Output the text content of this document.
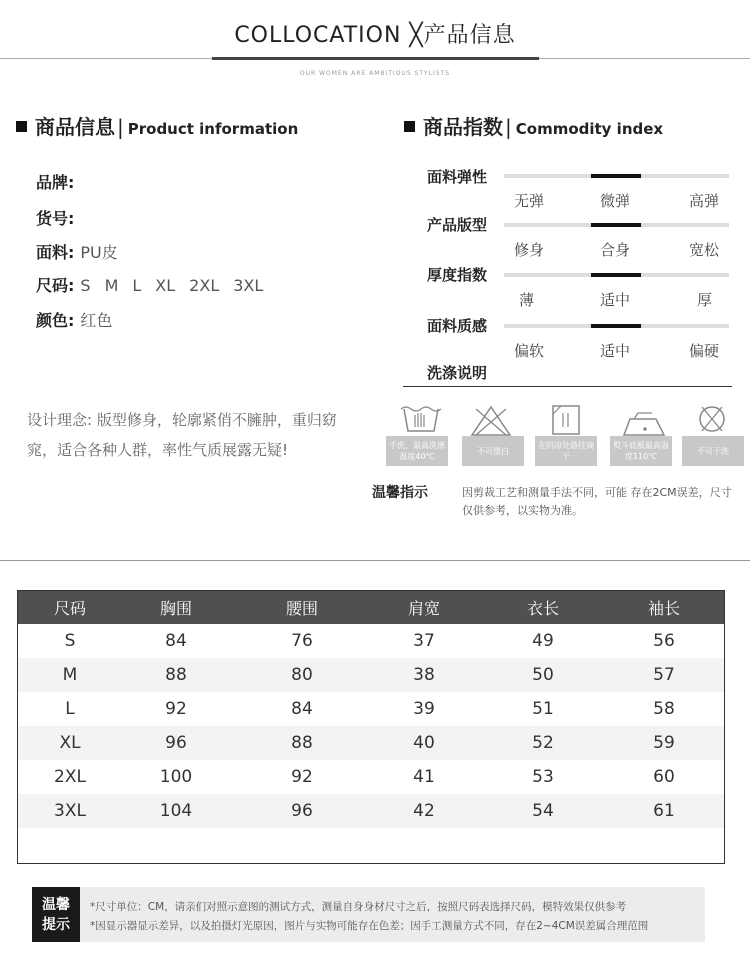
COLLOCATION ╳产品信息
OUR WOMEN ARE AMBITIOUS STYLISTS
商品信息 | Product information
品牌:
货号:
面料: PU皮
尺码: S M L XL 2XL 3XL
颜色: 红色
设计理念: 版型修身，轮廓紧俏不臃肿，重归窈窕，适合各种人群，率性气质展露无疑!
商品指数 | Commodity index
面料弹性
无弹	微弹	高弹
产品版型
修身	合身	宽松
厚度指数
薄	适中	厚
面料质感
偏软	适中	偏硬
洗涤说明
手洗，最高洗涤温度40℃
不可漂白
在阴凉处悬挂滴干
熨斗底板最高温度110℃
不可干洗
温馨指示	因剪裁工艺和测量手法不同，可能 存在2CM误差，尺寸仅供参考，以实物为准。
尺码	胸围	腰围	肩宽	衣长	袖长
S	84	76	37	49	56
M	88	80	38	50	57
L	92	84	39	51	58
XL	96	88	40	52	59
2XL	100	92	41	53	60
3XL	104	96	42	54	61
温馨
提示
*尺寸单位：CM，请亲们对照示意图的测试方式，测量自身身材尺寸之后，按照尺码表选择尺码，模特效果仅供参考
*因显示器显示差异，以及拍摄灯光原因，图片与实物可能存在色差；因手工测量方式不同，存在2~4CM误差属合理范围
